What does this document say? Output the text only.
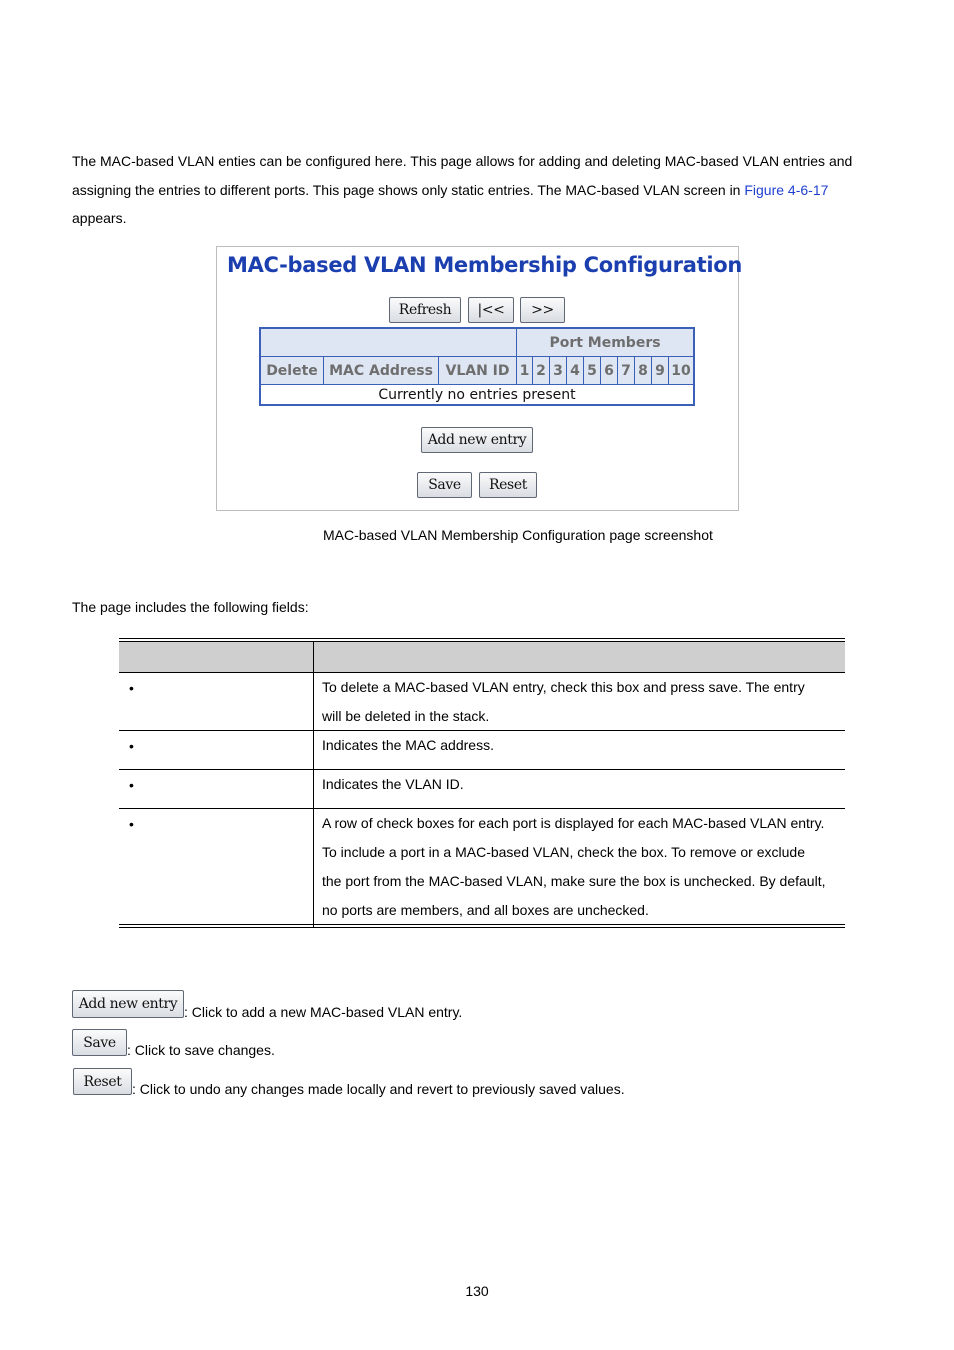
The MAC-based VLAN enties can be configured here. This page allows for adding and deleting MAC-based VLAN entries and
assigning the entries to different ports. This page shows only static entries. The MAC-based VLAN screen in Figure 4-6-17
appears.
MAC-based VLAN Membership Configuration
Refresh	|<<	>>
Port Members
Delete MAC Address VLAN ID 1 2 3 4 5 6 7 8 9 10
Currently no entries present
Add new entry
Save	Reset
MAC-based VLAN Membership Configuration page screenshot
The page includes the following fields:
•	To delete a MAC-based VLAN entry, check this box and press save. The entry
will be deleted in the stack.
•	Indicates the MAC address.
•	Indicates the VLAN ID.
•	A row of check boxes for each port is displayed for each MAC-based VLAN entry.
To include a port in a MAC-based VLAN, check the box. To remove or exclude
the port from the MAC-based VLAN, make sure the box is unchecked. By default,
no ports are members, and all boxes are unchecked.
Add new entry : Click to add a new MAC-based VLAN entry.
Save : Click to save changes.
Reset : Click to undo any changes made locally and revert to previously saved values.
130
